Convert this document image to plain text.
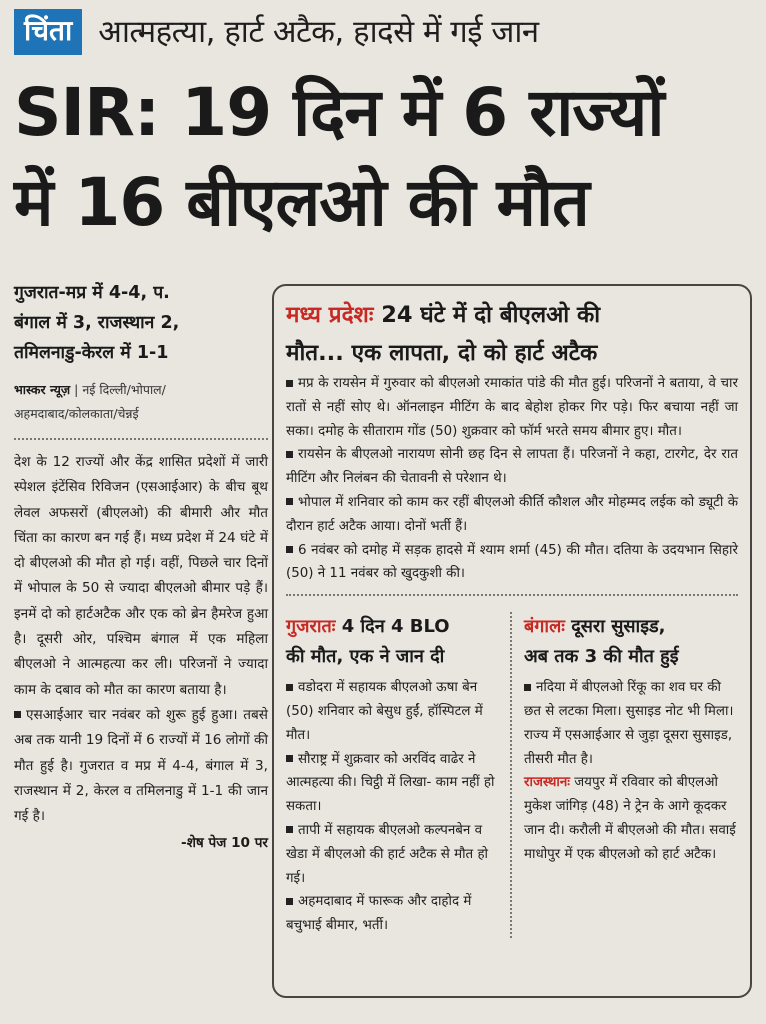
चिंता आत्महत्या, हार्ट अटैक, हादसे में गई जान
SIR: 19 दिन में 6 राज्यों
में 16 बीएलओ की मौत
गुजरात-मप्र में 4-4, प.
बंगाल में 3, राजस्थान 2,
तमिलनाडु-केरल में 1-1
भास्कर न्यूज़ | नई दिल्ली/भोपाल/
अहमदाबाद/कोलकाता/चेन्नई

देश के 12 राज्यों और केंद्र शासित प्रदेशों में जारी स्पेशल इंटेंसिव रिविजन (एसआईआर) के बीच बूथ लेवल अफसरों (बीएलओ) की बीमारी और मौत चिंता का कारण बन गई हैं। मध्य प्रदेश में 24 घंटे में दो बीएलओ की मौत हो गई। वहीं, पिछले चार दिनों में भोपाल के 50 से ज्यादा बीएलओ बीमार पड़े हैं। इनमें दो को हार्टअटैक और एक को ब्रेन हैमरेज हुआ है। दूसरी ओर, पश्चिम बंगाल में एक महिला बीएलओ ने आत्महत्या कर ली। परिजनों ने ज्यादा काम के दबाव को मौत का कारण बताया है।

एसआईआर चार नवंबर को शुरू हुई हुआ। तबसे अब तक यानी 19 दिनों में 6 राज्यों में 16 लोगों की मौत हुई है। गुजरात व मप्र में 4-4, बंगाल में 3, राजस्थान में 2, केरल व तमिलनाडु में 1-1 की जान गई है।

-शेष पेज 10 पर
मध्य प्रदेशः 24 घंटे में दो बीएलओ की
मौत... एक लापता, दो को हार्ट अटैक
मप्र के रायसेन में गुरुवार को बीएलओ रमाकांत पांडे की मौत हुई। परिजनों ने बताया, वे चार रातों से नहीं सोए थे। ऑनलाइन मीटिंग के बाद बेहोश होकर गिर पड़े। फिर बचाया नहीं जा सका। दमोह के सीताराम गोंड (50) शुक्रवार को फॉर्म भरते समय बीमार हुए। मौत।
रायसेन के बीएलओ नारायण सोनी छह दिन से लापता हैं। परिजनों ने कहा, टारगेट, देर रात मीटिंग और निलंबन की चेतावनी से परेशान थे।
भोपाल में शनिवार को काम कर रहीं बीएलओ कीर्ति कौशल और मोहम्मद लईक को ड्यूटी के दौरान हार्ट अटैक आया। दोनों भर्ती हैं।
6 नवंबर को दमोह में सड़क हादसे में श्याम शर्मा (45) की मौत। दतिया के उदयभान सिहारे (50) ने 11 नवंबर को खुदकुशी की।
गुजरातः 4 दिन 4 BLO
की मौत, एक ने जान दी
वडोदरा में सहायक बीएलओ ऊषा बेन (50) शनिवार को बेसुध हुईं, हॉस्पिटल में मौत।
सौराष्ट्र में शुक्रवार को अरविंद वाढेर ने आत्महत्या की। चिट्ठी में लिखा- काम नहीं हो सकता।
तापी में सहायक बीएलओ कल्पनबेन व खेडा में बीएलओ की हार्ट अटैक से मौत हो गई।
अहमदाबाद में फारूक और दाहोद में बचुभाई बीमार, भर्ती।
बंगालः दूसरा सुसाइड,
अब तक 3 की मौत हुई
नदिया में बीएलओ रिंकू का शव घर की छत से लटका मिला। सुसाइड नोट भी मिला। राज्य में एसआईआर से जुड़ा दूसरा सुसाइड, तीसरी मौत है।
राजस्थानः जयपुर में रविवार को बीएलओ मुकेश जांगिड़ (48) ने ट्रेन के आगे कूदकर जान दी। करौली में बीएलओ की मौत। सवाई माधोपुर में एक बीएलओ को हार्ट अटैक।
